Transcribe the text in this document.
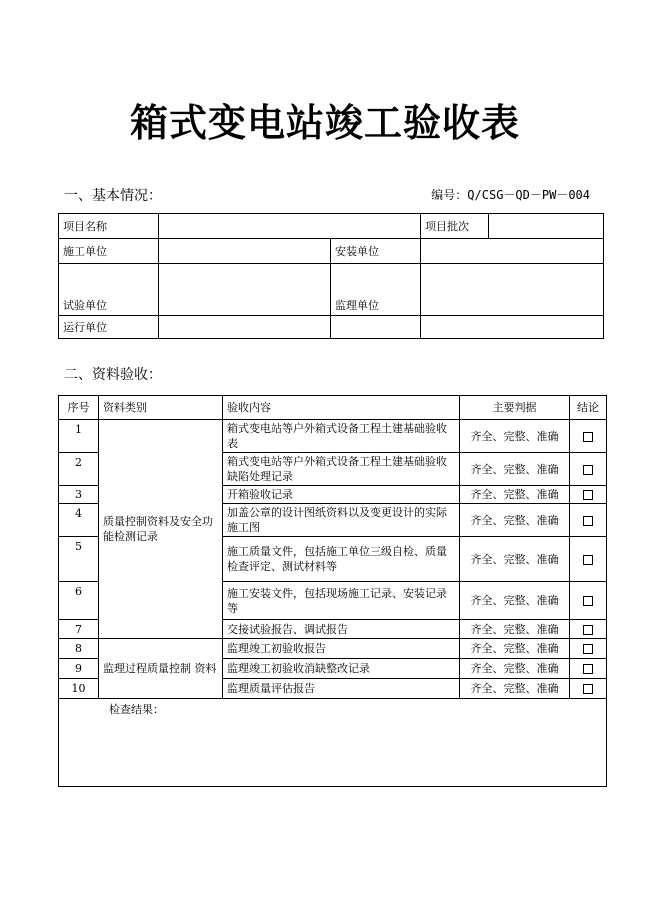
箱式变电站竣工验收表
一、基本情况：	编号：Q/CSG－QD－PW－004
项目名称			项目批次	
施工单位		安装单位		
试验单位		监理单位		
运行单位				
二、资料验收：
序号	资料类别	验收内容	主要判据	结论
1	质量控制资料及安全功能检测记录	箱式变电站等户外箱式设备工程土建基础验收表	齐全、完整、准确	
2		箱式变电站等户外箱式设备工程土建基础验收缺陷处理记录	齐全、完整、准确	
3		开箱验收记录	齐全、完整、准确	
4		加盖公章的设计图纸资料以及变更设计的实际施工图	齐全、完整、准确	
5		施工质量文件，包括施工单位三级自检、质量检查评定、测试材料等	齐全、完整、准确	
6		施工安装文件，包括现场施工记录、安装记录等	齐全、完整、准确	
7		交接试验报告、调试报告	齐全、完整、准确	
8	监理过程质量控制 资料	监理竣工初验收报告	齐全、完整、准确	
9		监理竣工初验收消缺整改记录	齐全、完整、准确	
10		监理质量评估报告	齐全、完整、准确	
检查结果：				
